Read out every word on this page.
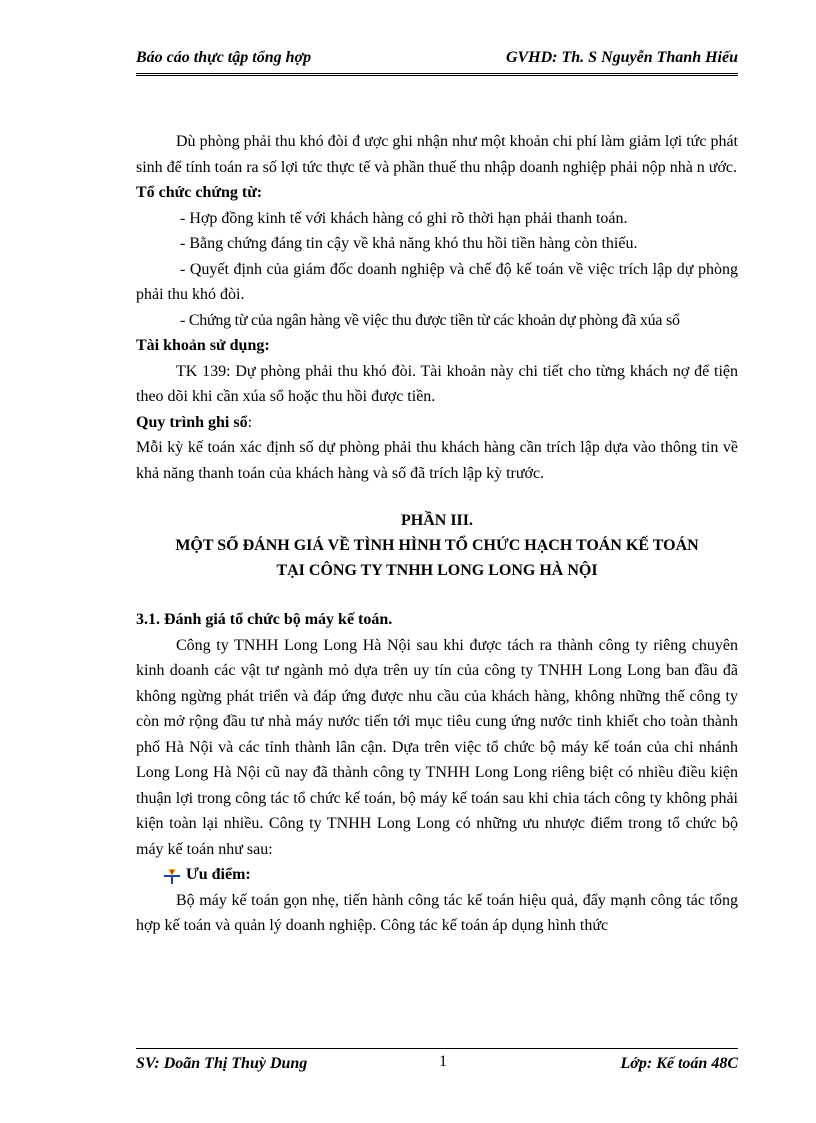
Báo cáo thực tập tổng hợp	GVHD: Th. S Nguyễn Thanh Hiếu

Dù phòng phải thu khó đòi đ ược ghi nhận như một khoản chi phí làm giảm lợi tức phát sinh để tính toán ra số lợi tức thực tế và phần thuế thu nhập doanh nghiệp phải nộp nhà n ước.

Tổ chức chứng từ:

- Hợp đồng kinh tế với khách hàng có ghi rõ thời hạn phải thanh toán.

- Bằng chứng đáng tin cậy về khả năng khó thu hồi tiền hàng còn thiếu.

- Quyết định của giám đốc doanh nghiệp và chế độ kế toán về việc trích lập dự phòng phải thu khó đòi.

- Chứng từ của ngân hàng về việc thu được tiền từ các khoản dự phòng đã xúa sổ

Tài khoản sử dụng:

TK 139: Dự phòng phải thu khó đòi. Tài khoản này chi tiết cho từng khách nợ để tiện theo dõi khi cần xúa sổ hoặc thu hồi được tiền.

Quy trình ghi sổ:

Mỗi kỳ kế toán xác định số dự phòng phải thu khách hàng cần trích lập dựa vào thông tin về khả năng thanh toán của khách hàng và số đã trích lập kỳ trước.

PHẦN III.

MỘT SỐ ĐÁNH GIÁ VỀ TÌNH HÌNH TỔ CHỨC HẠCH TOÁN KẾ TOÁN

TẠI CÔNG TY TNHH LONG LONG HÀ NỘI

3.1. Đánh giá tổ chức bộ máy kế toán.

Công ty TNHH Long Long Hà Nội sau khi được tách ra thành công ty riêng chuyên kinh doanh các vật tư ngành mỏ dựa trên uy tín của công ty TNHH Long Long ban đầu đã không ngừng phát triển và đáp ứng được nhu cầu của khách hàng, không những thế công ty còn mở rộng đầu tư nhà máy nước tiến tới mục tiêu cung ứng nước tinh khiết cho toàn thành phố Hà Nội và các tỉnh thành lân cận. Dựa trên việc tổ chức bộ máy kế toán của chi nhánh Long Long Hà Nội cũ nay đã thành công ty TNHH Long Long riêng biệt có nhiều điều kiện thuận lợi trong công tác tổ chức kế toán, bộ máy kế toán sau khi chia tách công ty không phải kiện toàn lại nhiều. Công ty TNHH Long Long có những ưu nhược điểm trong tổ chức bộ máy kế toán như sau:

Ưu điểm:

Bộ máy kế toán gọn nhẹ, tiến hành công tác kế toán hiệu quả, đẩy mạnh công tác tổng hợp kế toán và quản lý doanh nghiệp. Công tác kế toán áp dụng hình thức

SV: Doãn Thị Thuỳ Dung	1	Lớp: Kế toán 48C
